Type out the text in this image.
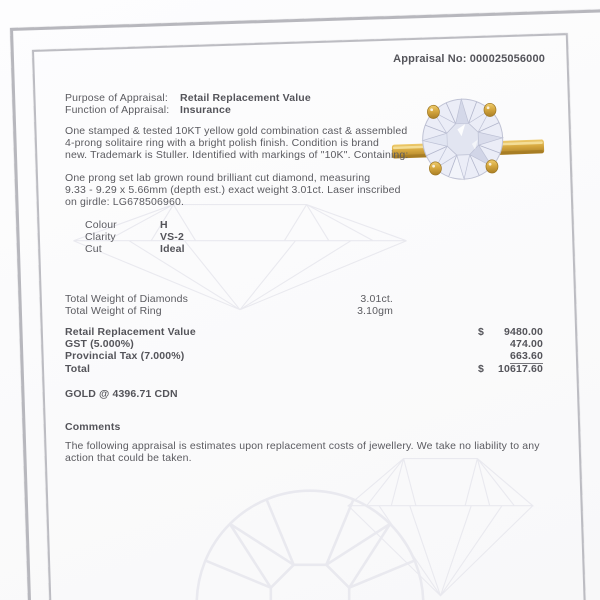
Appraisal No: 000025056000
Purpose of Appraisal: Retail Replacement Value
Function of Appraisal: Insurance
One stamped & tested 10KT yellow gold combination cast & assembled
4-prong solitaire ring with a bright polish finish. Condition is brand
new. Trademark is Stuller. Identified with markings of "10K". Containing:
One prong set lab grown round brilliant cut diamond, measuring
9.33 - 9.29 x 5.66mm (depth est.) exact weight 3.01ct. Laser inscribed
on girdle: LG678506960.
Colour	H
Clarity	VS-2
Cut	Ideal
Total Weight of Diamonds	3.01ct.
Total Weight of Ring	3.10gm
Retail Replacement Value	$ 9480.00
GST (5.000%)	474.00
Provincial Tax (7.000%)	663.60
Total	$ 10617.60
GOLD @ 4396.71 CDN
Comments
The following appraisal is estimates upon replacement costs of jewellery. We take no liability to any
action that could be taken.
